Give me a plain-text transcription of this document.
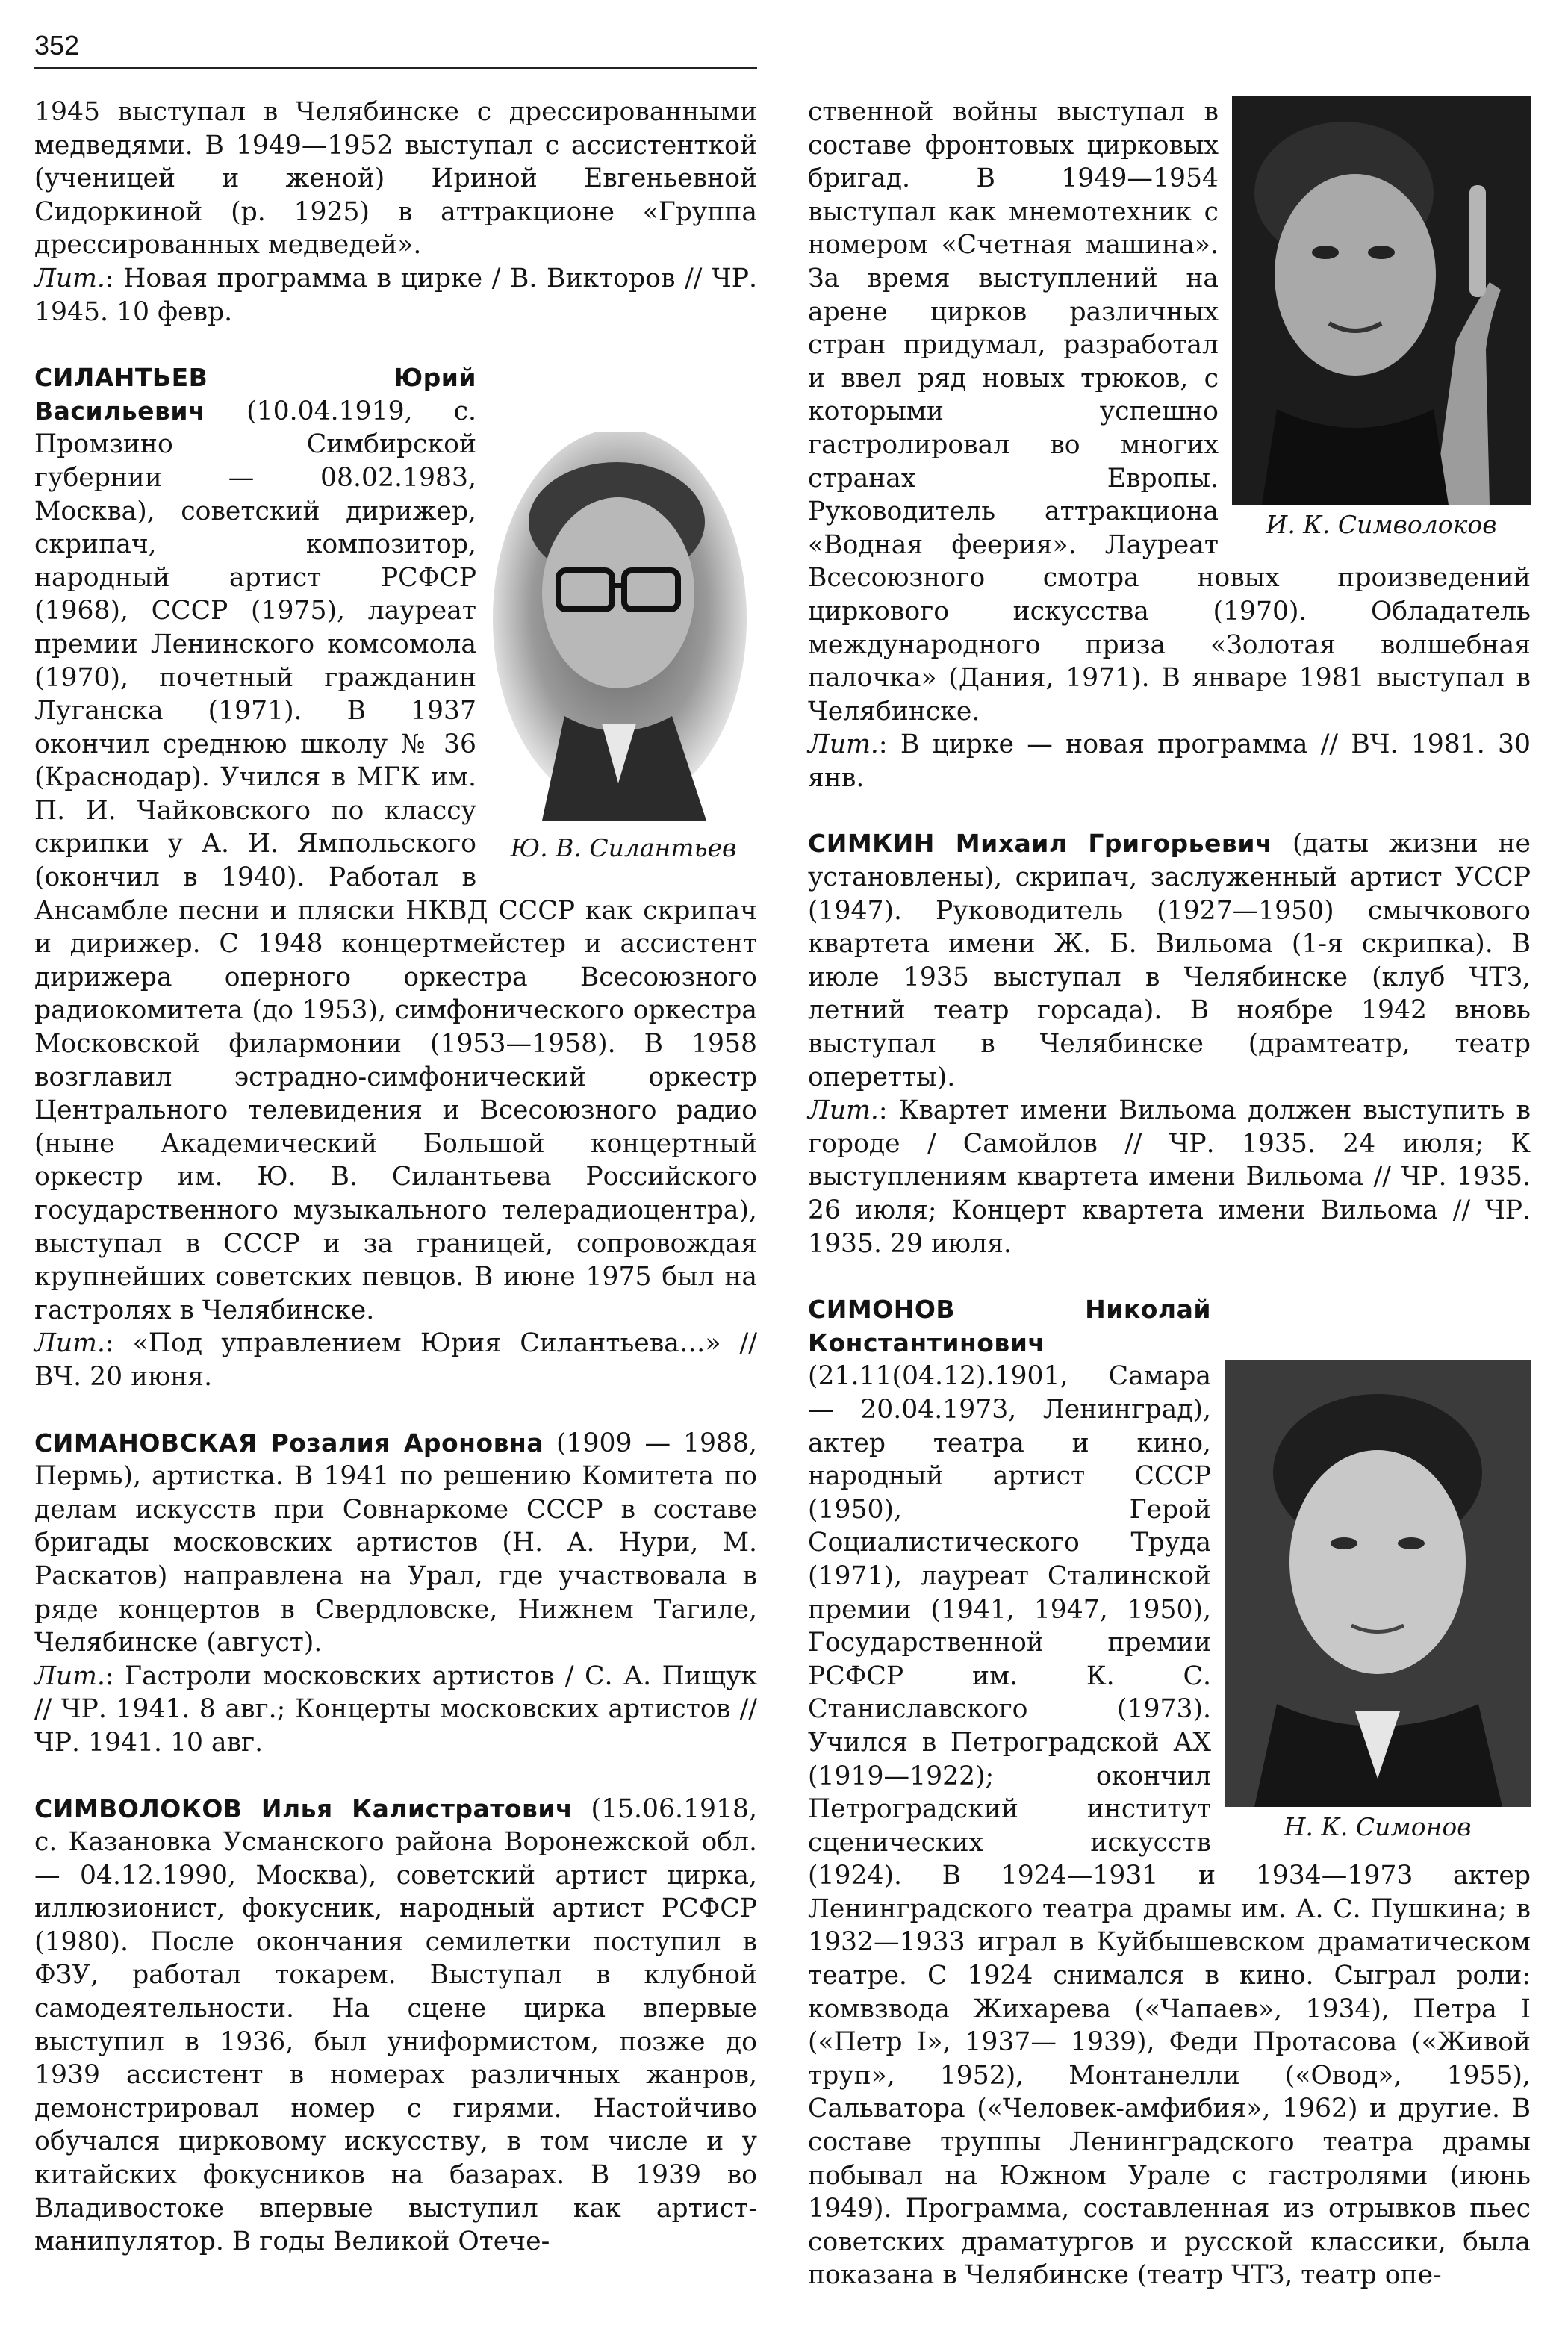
352

1945 выступал в Челябинске с дрессированными медведями. В 1949—1952 выступал с ассистенткой (ученицей и женой) Ириной Евгеньевной Сидоркиной (р. 1925) в аттракционе «Группа дрессированных медведей».

Лит.: Новая программа в цирке / В. Викторов // ЧР. 1945. 10 февр.

Ю. В. Силантьев

СИЛАНТЬЕВ Юрий Васильевич (10.04.1919, с. Промзино Симбирской губернии — 08.02.1983, Москва), советский дирижер, скрипач, композитор, народный артист РСФСР (1968), СССР (1975), лауреат премии Ленинского комсомола (1970), почетный гражданин Луганска (1971). В 1937 окончил среднюю школу № 36 (Краснодар). Учился в МГК им. П. И. Чайковского по классу скрипки у А. И. Ямпольского (окончил в 1940). Работал в Ансамбле песни и пляски НКВД СССР как скрипач и дирижер. С 1948 концертмейстер и ассистент дирижера оперного оркестра Всесоюзного радиокомитета (до 1953), симфонического оркестра Московской филармонии (1953—1958). В 1958 возглавил эстрадно-симфонический оркестр Центрального телевидения и Всесоюзного радио (ныне Академический Большой концертный оркестр им. Ю. В. Силантьева Российского государственного музыкального телерадиоцентра), выступал в СССР и за границей, сопровождая крупнейших советских певцов. В июне 1975 был на гастролях в Челябинске.

Лит.: «Под управлением Юрия Силантьева…» // ВЧ. 20 июня.

СИМАНОВСКАЯ Розалия Ароновна (1909 — 1988, Пермь), артистка. В 1941 по решению Комитета по делам искусств при Совнаркоме СССР в составе бригады московских артистов (Н. А. Нури, М. Раскатов) направлена на Урал, где участвовала в ряде концертов в Свердловске, Нижнем Тагиле, Челябинске (август).

Лит.: Гастроли московских артистов / С. А. Пищук // ЧР. 1941. 8 авг.; Концерты московских артистов // ЧР. 1941. 10 авг.

СИМВОЛОКОВ Илья Калистратович (15.06.1918, с. Казановка Усманского района Воронежской обл. — 04.12.1990, Москва), советский артист цирка, иллюзионист, фокусник, народный артист РСФСР (1980). После окончания семилетки поступил в ФЗУ, работал токарем. Выступал в клубной самодеятельности. На сцене цирка впервые выступил в 1936, был униформистом, позже до 1939 ассистент в номерах различных жанров, демонстрировал номер с гирями. Настойчиво обучался цирковому искусству, в том числе и у китайских фокусников на базарах. В 1939 во Владивостоке впервые выступил как артист-манипулятор. В годы Великой Отече-

И. К. Символоков

ственной войны выступал в составе фронтовых цирковых бригад. В 1949—1954 выступал как мнемотехник с номером «Счетная машина». За время выступлений на арене цирков различных стран придумал, разработал и ввел ряд новых трюков, с которыми успешно гастролировал во многих странах Европы. Руководитель аттракциона «Водная феерия». Лауреат Всесоюзного смотра новых произведений циркового искусства (1970). Обладатель международного приза «Золотая волшебная палочка» (Дания, 1971). В январе 1981 выступал в Челябинске.

Лит.: В цирке — новая программа // ВЧ. 1981. 30 янв.

СИМКИН Михаил Григорьевич (даты жизни не установлены), скрипач, заслуженный артист УССР (1947). Руководитель (1927—1950) смычкового квартета имени Ж. Б. Вильома (1-я скрипка). В июле 1935 выступал в Челябинске (клуб ЧТЗ, летний театр горсада). В ноябре 1942 вновь выступал в Челябинске (драмтеатр, театр оперетты).

Лит.: Квартет имени Вильома должен выступить в городе / Самойлов // ЧР. 1935. 24 июля; К выступлениям квартета имени Вильома // ЧР. 1935. 26 июля; Концерт квартета имени Вильома // ЧР. 1935. 29 июля.

Н. К. Симонов

СИМОНОВ Николай Константинович (21.11(04.12).1901, Самара — 20.04.1973, Ленинград), актер театра и кино, народный артист СССР (1950), Герой Социалистического Труда (1971), лауреат Сталинской премии (1941, 1947, 1950), Государственной премии РСФСР им. К. С. Станиславского (1973). Учился в Петроградской АХ (1919—1922); окончил Петроградский институт сценических искусств (1924). В 1924—1931 и 1934—1973 актер Ленинградского театра драмы им. А. С. Пушкина; в 1932—1933 играл в Куйбышевском драматическом театре. С 1924 снимался в кино. Сыграл роли: комвзвода Жихарева («Чапаев», 1934), Петра I («Петр I», 1937— 1939), Феди Протасова («Живой труп», 1952), Монтанелли («Овод», 1955), Сальватора («Человек-амфибия», 1962) и другие. В составе труппы Ленинградского театра драмы побывал на Южном Урале с гастролями (июнь 1949). Программа, составленная из отрывков пьес советских драматургов и русской классики, была показана в Челябинске (театр ЧТЗ, театр опе-
